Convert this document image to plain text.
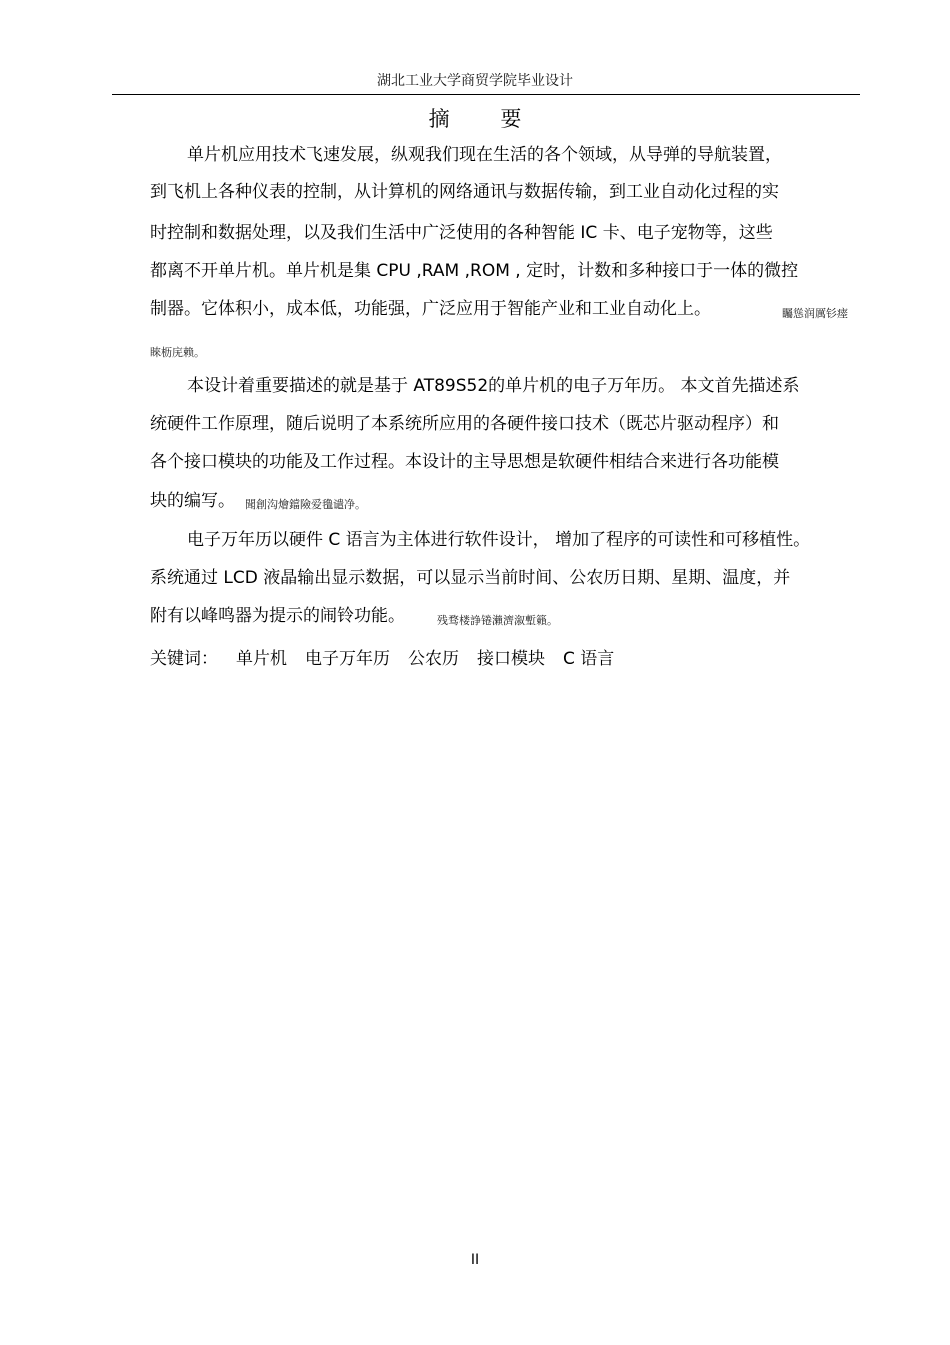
湖北工业大学商贸学院毕业设计
摘 要
单片机应用技术飞速发展，纵观我们现在生活的各个领域，从导弹的导航装置，
到飞机上各种仪表的控制，从计算机的网络通讯与数据传输，到工业自动化过程的实
时控制和数据处理，以及我们生活中广泛使用的各种智能 IC 卡、电子宠物等，这些
都离不开单片机。单片机是集 CPU ,RAM ,ROM , 定时，计数和多种接口于一体的微控
制器。它体积小，成本低，功能强，广泛应用于智能产业和工业自动化上。
本设计着重要描述的就是基于 AT89S52的单片机的电子万年历。 本文首先描述系
统硬件工作原理，随后说明了本系统所应用的各硬件接口技术（既芯片驱动程序）和
各个接口模块的功能及工作过程。本设计的主导思想是软硬件相结合来进行各功能模
块的编写。
电子万年历以硬件 C 语言为主体进行软件设计， 增加了程序的可读性和可移植性。
系统通过 LCD 液晶输出显示数据，可以显示当前时间、公农历日期、星期、温度，并
附有以峰鸣器为提示的闹铃功能。
矚慫润厲钐瘗
睞枥庑赖。
聞創沟燴鐺險爱氇谴净。
残骛楼諍锩瀨濟溆塹籟。
关键词： 单片机 电子万年历 公农历 接口模块 C 语言
II
